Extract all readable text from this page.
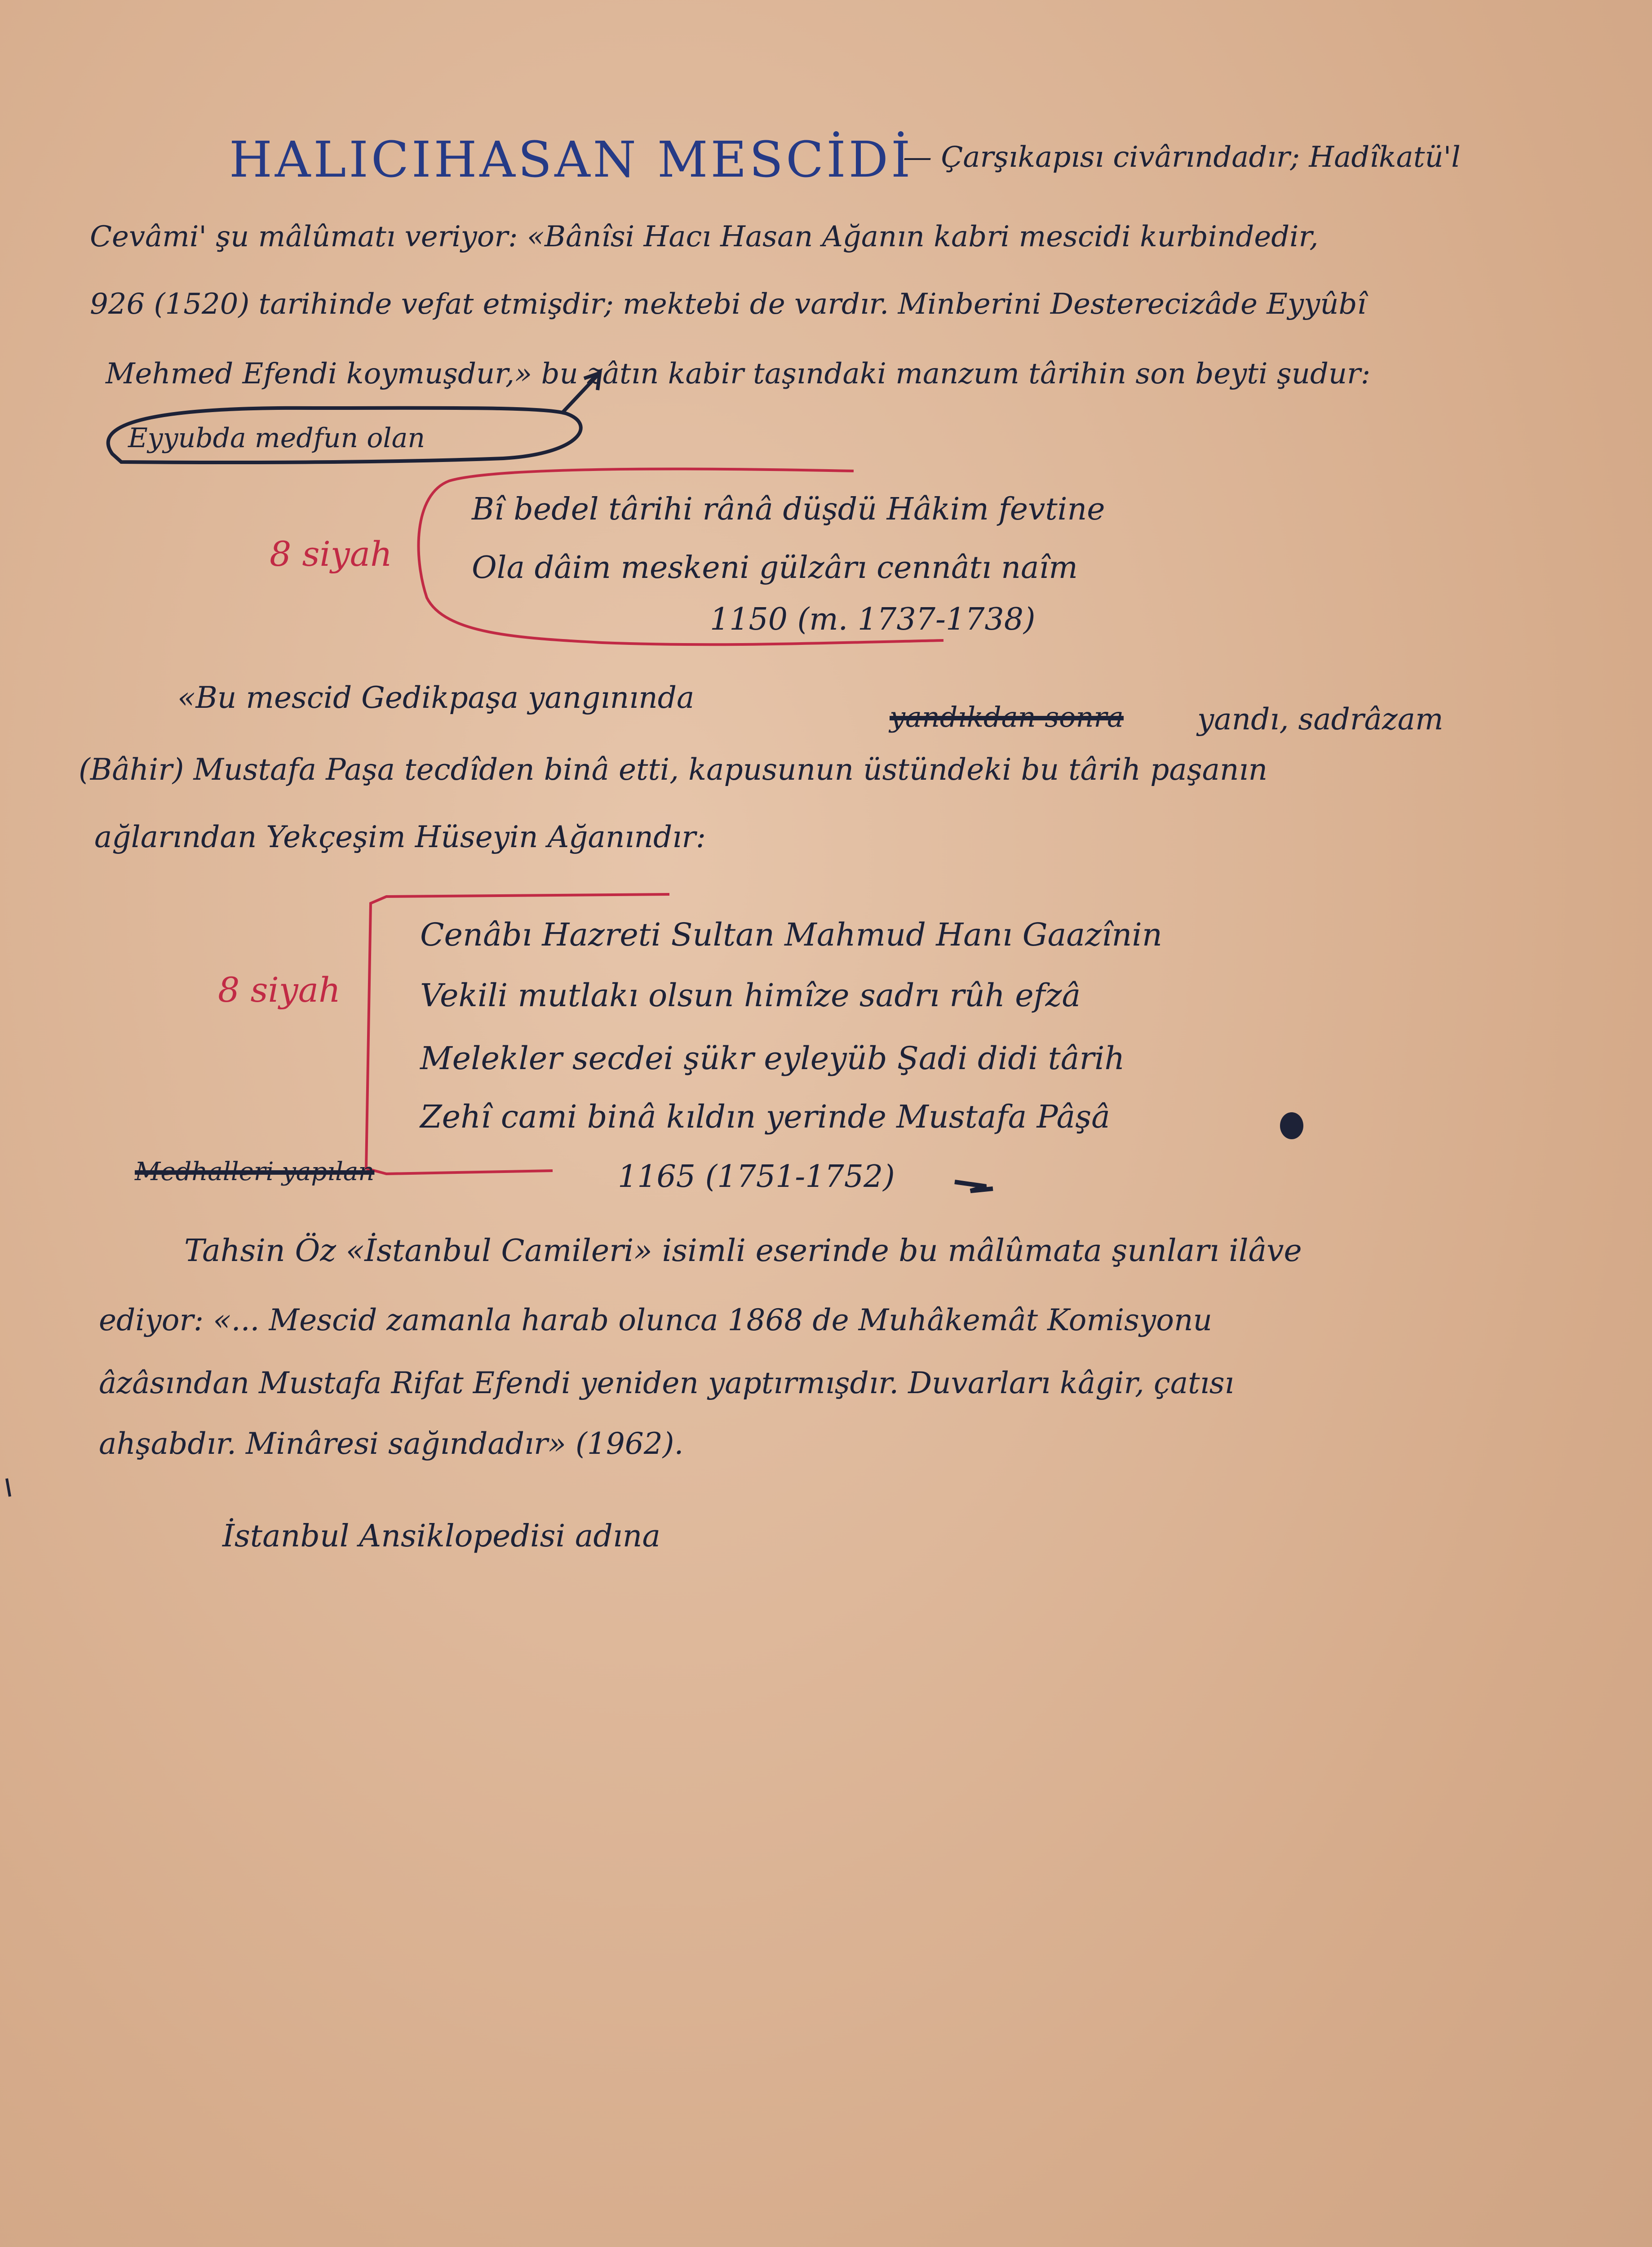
HALICIHASAN MESCİDİ
— Çarşıkapısı civârındadır; Hadîkatü'l
Cevâmi' şu mâlûmatı veriyor: «Bânîsi Hacı Hasan Ağanın kabri mescidi kurbindedir,
926 (1520) tarihinde vefat etmişdir; mektebi de vardır. Minberini Desterecizâde Eyyûbî
Mehmed Efendi koymuşdur,» bu zâtın kabir taşındaki manzum târihin son beyti şudur:
Eyyubda medfun olan
8 siyah
Bî bedel târihi rânâ düşdü Hâkim fevtine
Ola dâim meskeni gülzârı cennâtı naîm
1150 (m. 1737-1738)
«Bu mescid Gedikpaşa yangınında
yandıkdan sonra yandı, sadrâzam
(Bâhir) Mustafa Paşa tecdîden binâ etti, kapusunun üstündeki bu târih paşanın
ağlarından Yekçeşim Hüseyin Ağanındır:
8 siyah
Cenâbı Hazreti Sultan Mahmud Hanı Gaazînin
Vekili mutlakı olsun himîze sadrı rûh efzâ
Melekler secdei şükr eyleyüb Şadi didi târih
Zehî cami binâ kıldın yerinde Mustafa Pâşâ
1165 (1751-1752)
Medhalleri yapılan
Tahsin Öz «İstanbul Camileri» isimli eserinde bu mâlûmata şunları ilâve
ediyor: «... Mescid zamanla harab olunca 1868 de Muhâkemât Komisyonu
âzâsından Mustafa Rifat Efendi yeniden yaptırmışdır. Duvarları kâgir, çatısı
ahşabdır. Minâresi sağındadır» (1962).
İstanbul Ansiklopedisi adına
